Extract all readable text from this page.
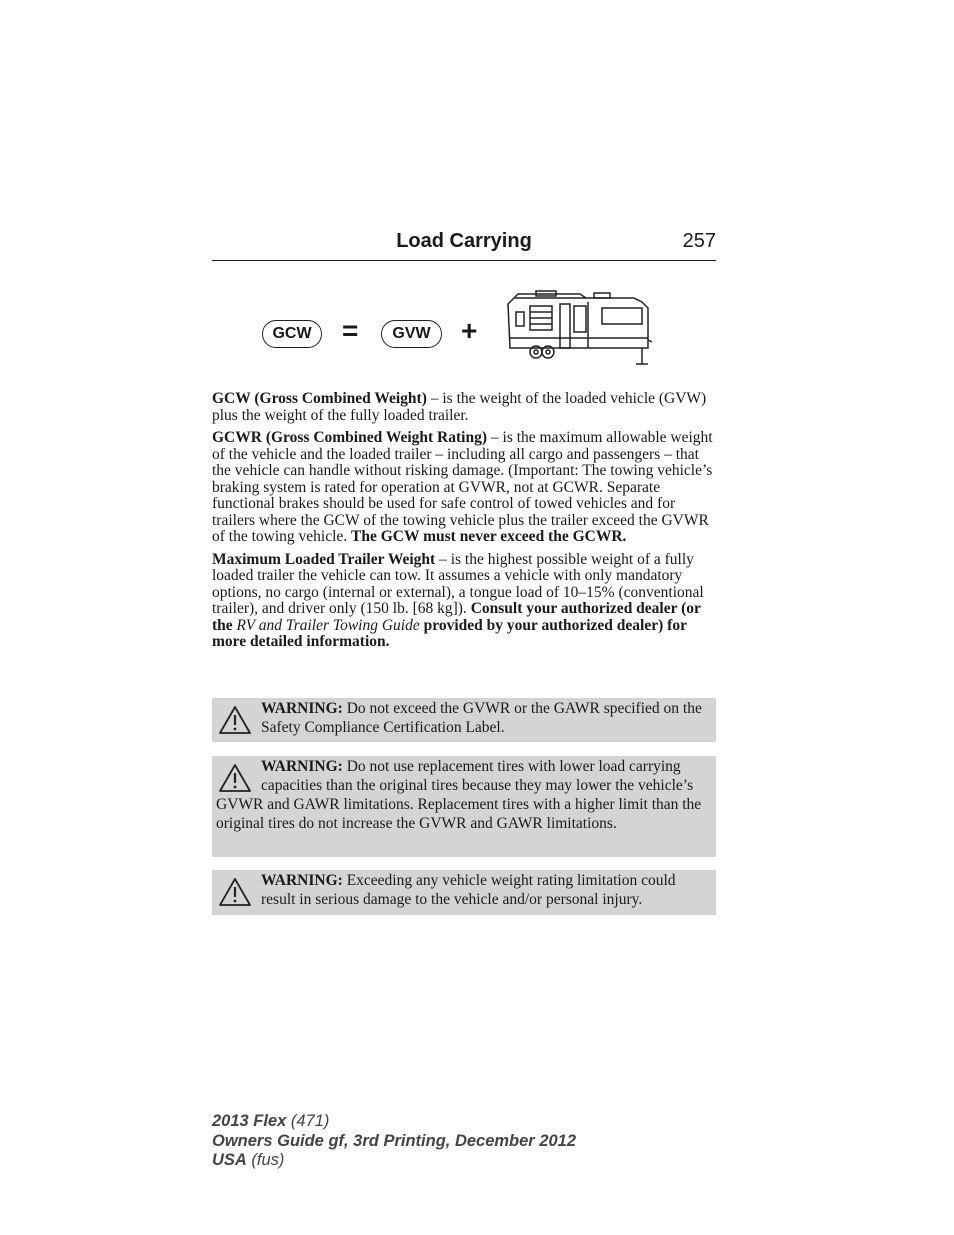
Load Carrying	257
GCW	=	GVW	+

GCW (Gross Combined Weight) – is the weight of the loaded vehicle (GVW) plus the weight of the fully loaded trailer.

GCWR (Gross Combined Weight Rating) – is the maximum allowable weight of the vehicle and the loaded trailer – including all cargo and passengers – that the vehicle can handle without risking damage. (Important: The towing vehicle’s braking system is rated for operation at GVWR, not at GCWR. Separate functional brakes should be used for safe control of towed vehicles and for trailers where the GCW of the towing vehicle plus the trailer exceed the GVWR of the towing vehicle. The GCW must never exceed the GCWR.

Maximum Loaded Trailer Weight – is the highest possible weight of a fully loaded trailer the vehicle can tow. It assumes a vehicle with only mandatory options, no cargo (internal or external), a tongue load of 10–15% (conventional trailer), and driver only (150 lb. [68 kg]). Consult your authorized dealer (or the RV and Trailer Towing Guide provided by your authorized dealer) for more detailed information.

WARNING: Do not exceed the GVWR or the GAWR specified on the Safety Compliance Certification Label.
WARNING: Do not use replacement tires with lower load carrying capacities than the original tires because they may lower the vehicle’s GVWR and GAWR limitations. Replacement tires with a higher limit than the original tires do not increase the GVWR and GAWR limitations.
WARNING: Exceeding any vehicle weight rating limitation could result in serious damage to the vehicle and/or personal injury.
2013 Flex (471)
Owners Guide gf, 3rd Printing, December 2012
USA (fus)
